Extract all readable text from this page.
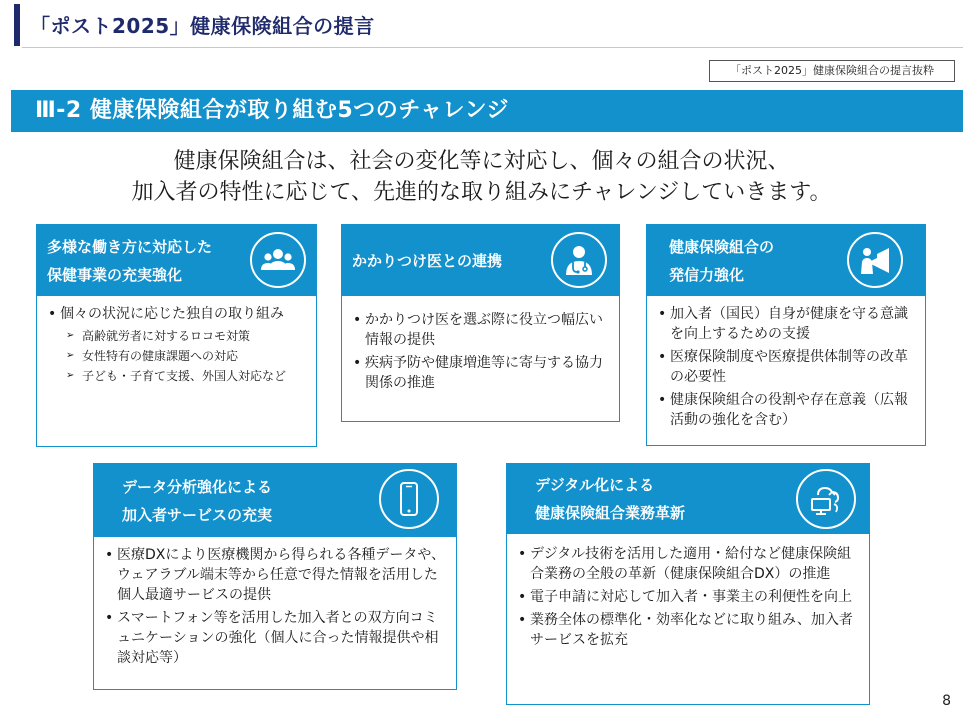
「ポスト2025」健康保険組合の提言
「ポスト2025」健康保険組合の提言抜粋
Ⅲ-2 健康保険組合が取り組む5つのチャレンジ
健康保険組合は、社会の変化等に対応し、個々の組合の状況、
加入者の特性に応じて、先進的な取り組みにチャレンジしていきます。
多様な働き方に対応した
保健事業の充実強化
• 個々の状況に応じた独自の取り組み
➢ 高齢就労者に対するロコモ対策
➢ 女性特有の健康課題への対応
➢ 子ども・子育て支援、外国人対応など
かかりつけ医との連携
• かかりつけ医を選ぶ際に役立つ幅広い情報の提供
• 疾病予防や健康増進等に寄与する協力関係の推進
健康保険組合の
発信力強化
• 加入者（国民）自身が健康を守る意識を向上するための支援
• 医療保険制度や医療提供体制等の改革の必要性
• 健康保険組合の役割や存在意義（広報活動の強化を含む）
データ分析強化による
加入者サービスの充実
• 医療DXにより医療機関から得られる各種データや、ウェアラブル端末等から任意で得た情報を活用した個人最適サービスの提供
• スマートフォン等を活用した加入者との双方向コミュニケーションの強化（個人に合った情報提供や相談対応等）
デジタル化による
健康保険組合業務革新
• デジタル技術を活用した適用・給付など健康保険組合業務の全般の革新（健康保険組合DX）の推進
• 電子申請に対応して加入者・事業主の利便性を向上
• 業務全体の標準化・効率化などに取り組み、加入者サービスを拡充
8
